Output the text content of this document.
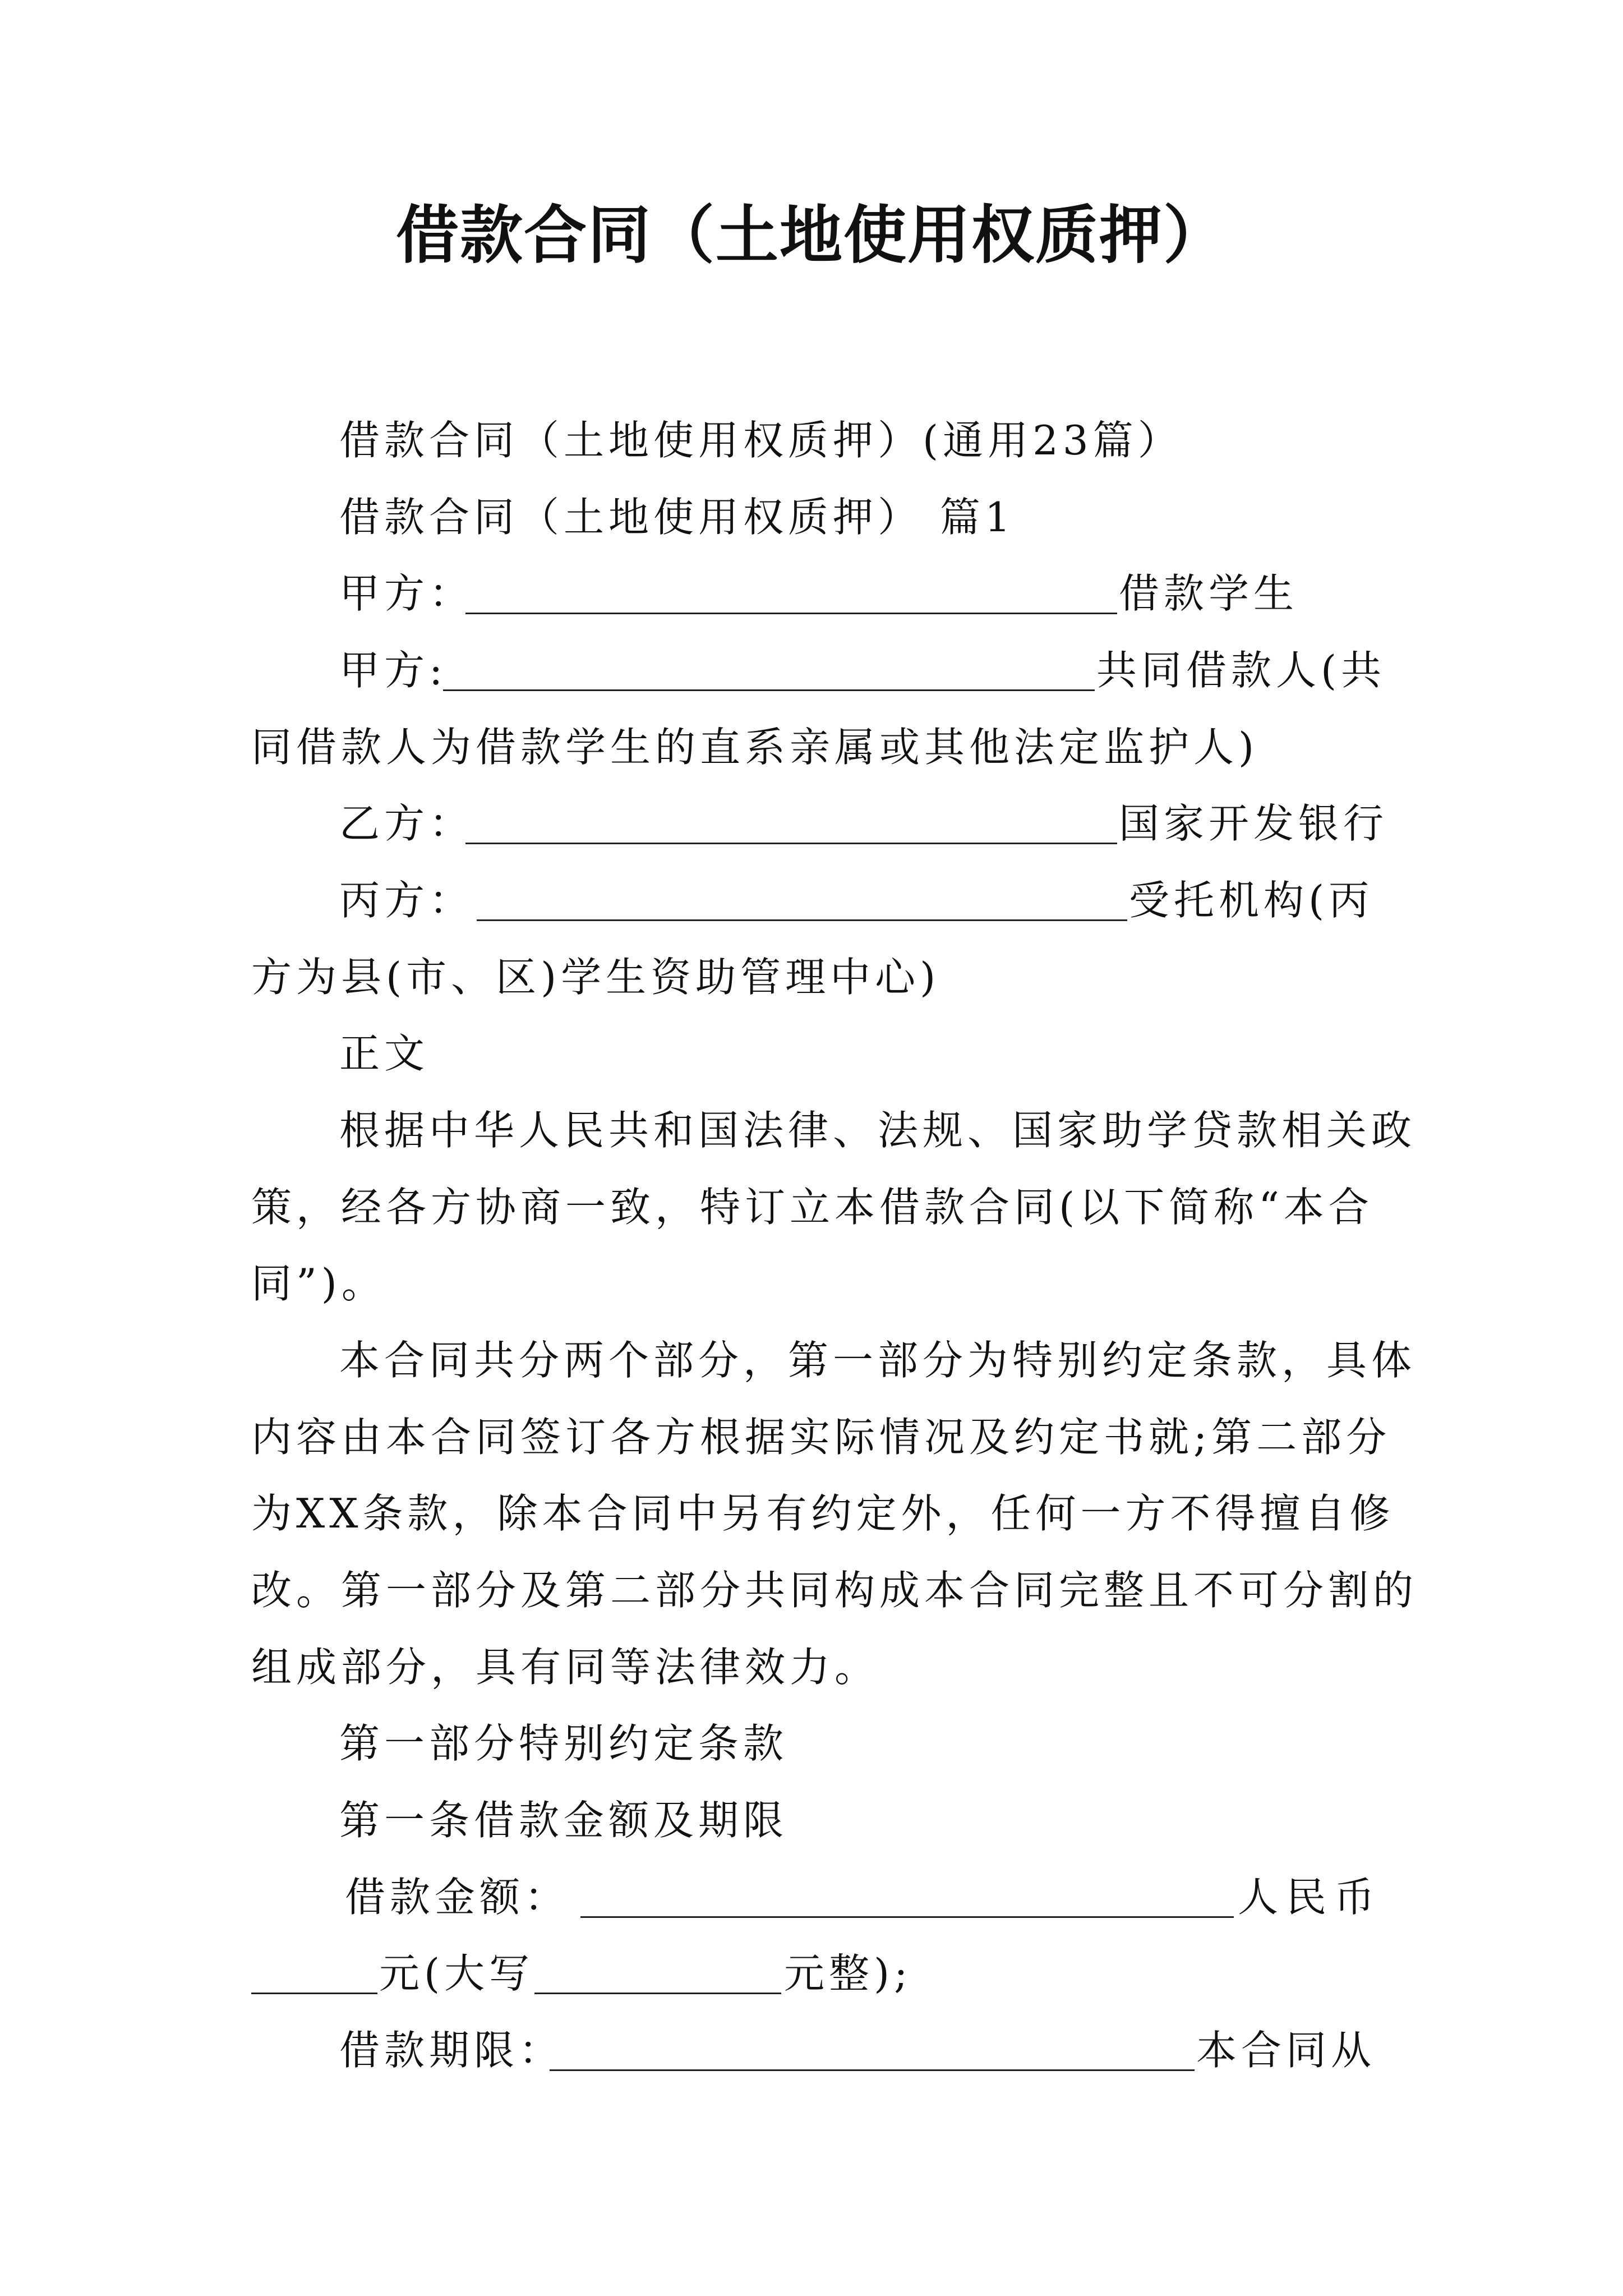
借款合同（土地使用权质押）
借款合同（土地使用权质押）(通用23篇）
借款合同（土地使用权质押） 篇1
甲方：	借款学生
甲方:	共同借款人(共
同借款人为借款学生的直系亲属或其他法定监护人)
乙方：	国家开发银行
丙方：	受托机构(丙
方为县(市、区)学生资助管理中心)
正文
根据中华人民共和国法律、法规、国家助学贷款相关政
策，经各方协商一致，特订立本借款合同(以下简称“本合
同”)。
本合同共分两个部分，第一部分为特别约定条款，具体
内容由本合同签订各方根据实际情况及约定书就;第二部分
为XX条款，除本合同中另有约定外，任何一方不得擅自修
改。第一部分及第二部分共同构成本合同完整且不可分割的
组成部分，具有同等法律效力。
第一部分特别约定条款
第一条借款金额及期限
借款金额：	人民币
元(大写	元整);
借款期限：	本合同从
